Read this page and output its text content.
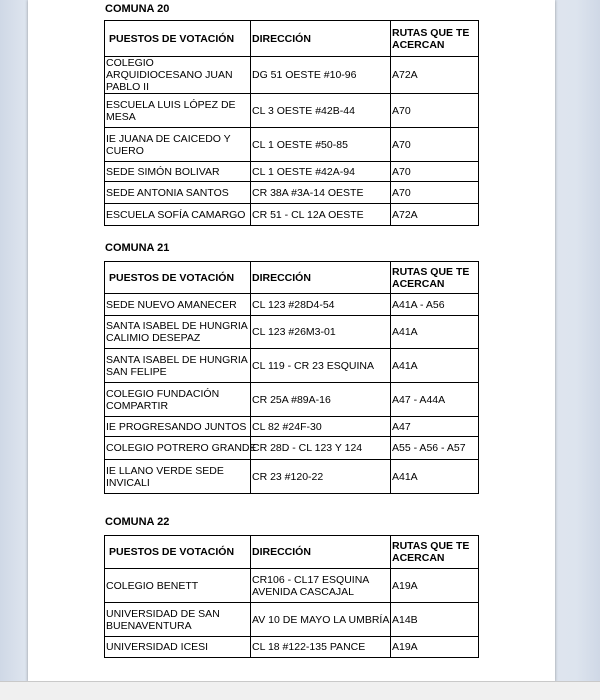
COMUNA 20
PUESTOS DE VOTACIÓN	DIRECCIÓN	RUTAS QUE TE ACERCAN
COLEGIO ARQUIDIOCESANO JUAN PABLO II	DG 51 OESTE #10-96	A72A
ESCUELA LUIS LÓPEZ DE MESA	CL 3 OESTE #42B-44	A70
IE JUANA DE CAICEDO Y CUERO	CL 1 OESTE #50-85	A70
SEDE SIMÓN BOLIVAR	CL 1 OESTE #42A-94	A70
SEDE ANTONIA SANTOS	CR 38A #3A-14 OESTE	A70
ESCUELA SOFÍA CAMARGO	CR 51 - CL 12A OESTE	A72A
COMUNA 21
PUESTOS DE VOTACIÓN	DIRECCIÓN	RUTAS QUE TE ACERCAN
SEDE NUEVO AMANECER	CL 123 #28D4-54	A41A - A56
SANTA ISABEL DE HUNGRIA CALIMIO DESEPAZ	CL 123 #26M3-01	A41A
SANTA ISABEL DE HUNGRIA SAN FELIPE	CL 119 - CR 23 ESQUINA	A41A
COLEGIO FUNDACIÓN COMPARTIR	CR 25A #89A-16	A47 - A44A
IE PROGRESANDO JUNTOS	CL 82 #24F-30	A47
COLEGIO POTRERO GRANDE	CR 28D - CL 123 Y 124	A55 - A56 - A57
IE LLANO VERDE SEDE INVICALI	CR 23 #120-22	A41A
COMUNA 22
PUESTOS DE VOTACIÓN	DIRECCIÓN	RUTAS QUE TE ACERCAN
COLEGIO BENETT	CR106 - CL17 ESQUINA AVENIDA CASCAJAL	A19A
UNIVERSIDAD DE SAN BUENAVENTURA	AV 10 DE MAYO LA UMBRÍA	A14B
UNIVERSIDAD ICESI	CL 18 #122-135 PANCE	A19A
